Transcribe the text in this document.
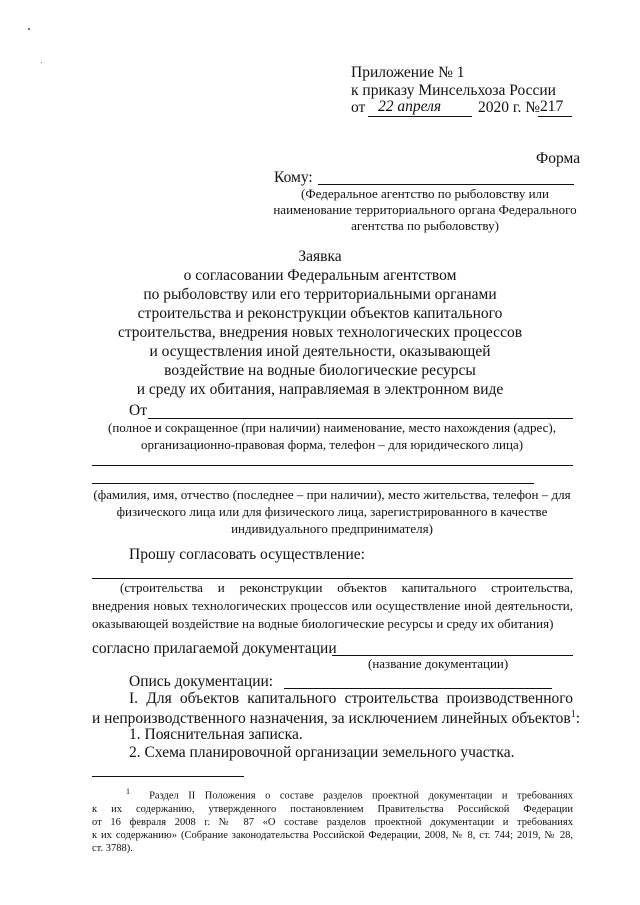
Приложение № 1
к приказу Минсельхоза России
от 22 апреля 2020 г. № 217
Форма
Кому:
(Федеральное агентство по рыболовству или
наименование территориального органа Федерального
агентства по рыболовству)
Заявка
о согласовании Федеральным агентством
по рыболовству или его территориальными органами
строительства и реконструкции объектов капитального
строительства, внедрения новых технологических процессов
и осуществления иной деятельности, оказывающей
воздействие на водные биологические ресурсы
и среду их обитания, направляемая в электронном виде
От
(полное и сокращенное (при наличии) наименование, место нахождения (адрес),
организационно-правовая форма, телефон – для юридического лица)
(фамилия, имя, отчество (последнее – при наличии), место жительства, телефон – для
физического лица или для физического лица, зарегистрированного в качестве
индивидуального предпринимателя)
Прошу согласовать осуществление:
(строительства и реконструкции объектов капитального строительства,
внедрения новых технологических процессов или осуществление иной деятельности,
оказывающей воздействие на водные биологические ресурсы и среду их обитания)
согласно прилагаемой документации
(название документации)
Опись документации:
I. Для объектов капитального строительства производственного
и непроизводственного назначения, за исключением линейных объектов$^1$:
1. Пояснительная записка.
2. Схема планировочной организации земельного участка.
$^1$ Раздел II Положения о составе разделов проектной документации и требованиях
к их содержанию, утвержденного постановлением Правительства Российской Федерации
от 16 февраля 2008 г. № 87 «О составе разделов проектной документации и требованиях
к их содержанию» (Собрание законодательства Российской Федерации, 2008, № 8, ст. 744; 2019, № 28,
ст. 3788).
